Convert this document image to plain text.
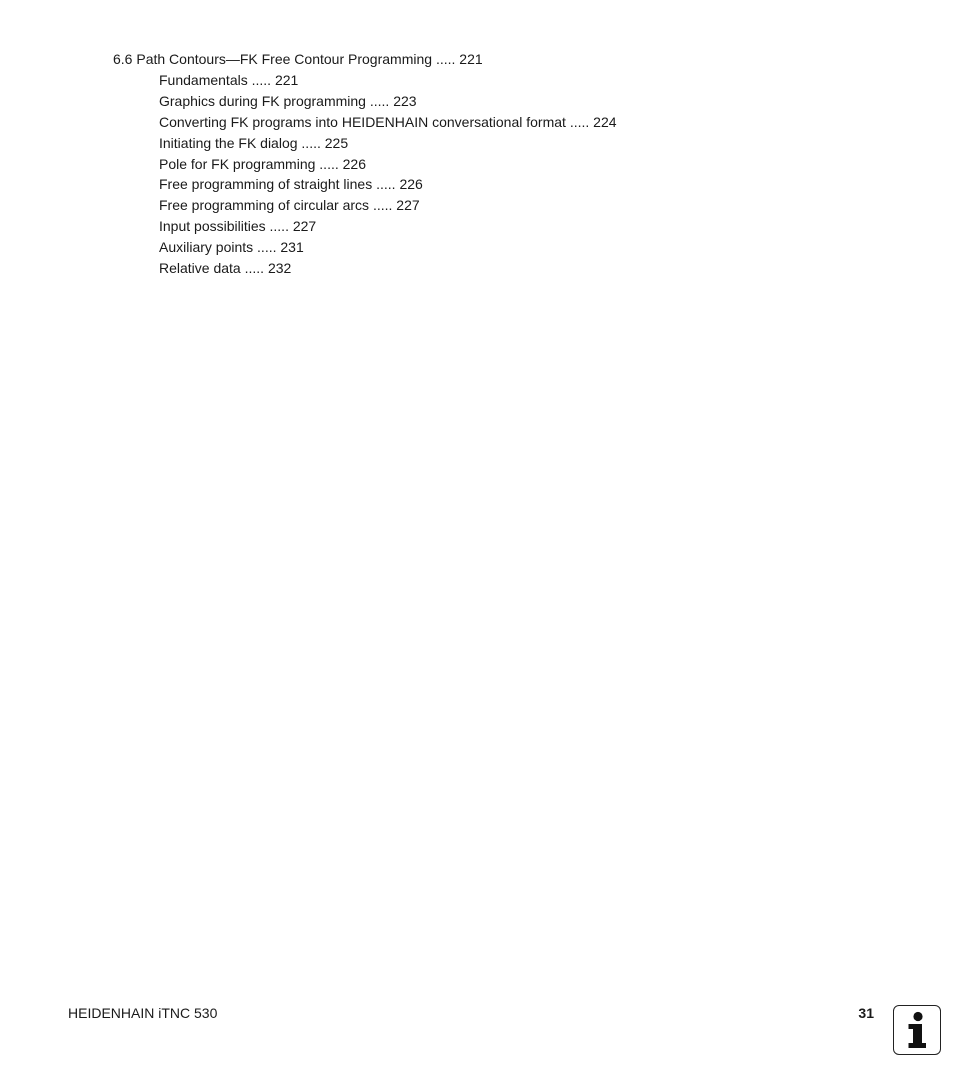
6.6 Path Contours—FK Free Contour Programming ..... 221
Fundamentals ..... 221
Graphics during FK programming ..... 223
Converting FK programs into HEIDENHAIN conversational format ..... 224
Initiating the FK dialog ..... 225
Pole for FK programming ..... 226
Free programming of straight lines ..... 226
Free programming of circular arcs ..... 227
Input possibilities ..... 227
Auxiliary points ..... 231
Relative data ..... 232
HEIDENHAIN iTNC 530	31
